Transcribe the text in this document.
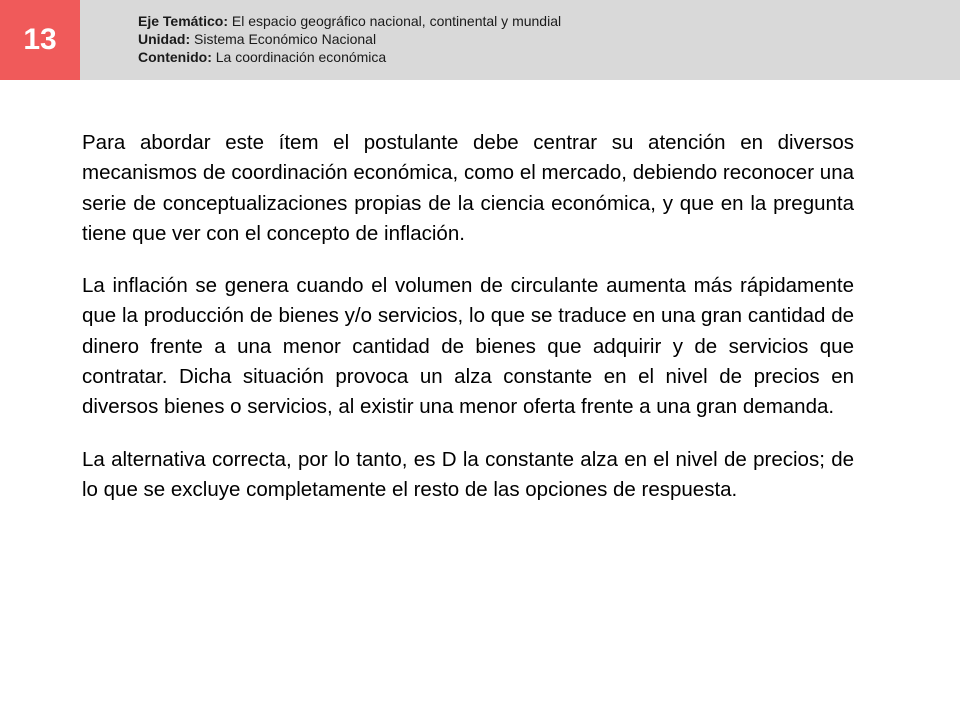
13
Eje Temático: El espacio geográfico nacional, continental y mundial
Unidad: Sistema Económico Nacional
Contenido: La coordinación económica

Para abordar este ítem el postulante debe centrar su atención en diversos mecanismos de coordinación económica, como el mercado, debiendo reconocer una serie de conceptualizaciones propias de la ciencia económica, y que en la pregunta tiene que ver con el concepto de inflación.

La inflación se genera cuando el volumen de circulante aumenta más rápidamente que la producción de bienes y/o servicios, lo que se traduce en una gran cantidad de dinero frente a una menor cantidad de bienes que adquirir y de servicios que contratar. Dicha situación provoca un alza constante en el nivel de precios en diversos bienes o servicios, al existir una menor oferta frente a una gran demanda.

La alternativa correcta, por lo tanto, es D la constante alza en el nivel de precios; de lo que se excluye completamente el resto de las opciones de respuesta.
